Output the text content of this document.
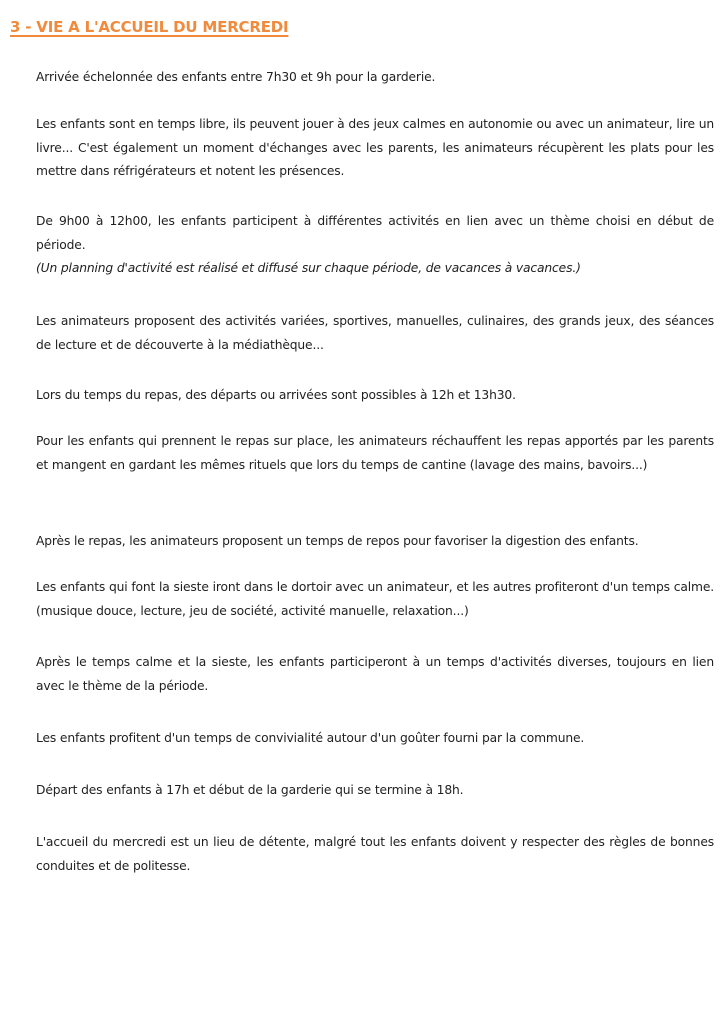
3 - VIE A L'ACCUEIL DU MERCREDI

Arrivée échelonnée des enfants entre 7h30 et 9h pour la garderie.

Les enfants sont en temps libre, ils peuvent jouer à des jeux calmes en autonomie ou avec un animateur, lire un livre... C'est également un moment d'échanges avec les parents, les animateurs récupèrent les plats pour les mettre dans réfrigérateurs et notent les présences.

De 9h00 à 12h00, les enfants participent à différentes activités en lien avec un thème choisi en début de période.
(Un planning d'activité est réalisé et diffusé sur chaque période, de vacances à vacances.)

Les animateurs proposent des activités variées, sportives, manuelles, culinaires, des grands jeux, des séances de lecture et de découverte à la médiathèque...

Lors du temps du repas, des départs ou arrivées sont possibles à 12h et 13h30.

Pour les enfants qui prennent le repas sur place, les animateurs réchauffent les repas apportés par les parents et mangent en gardant les mêmes rituels que lors du temps de cantine (lavage des mains, bavoirs...)

Après le repas, les animateurs proposent un temps de repos pour favoriser la digestion des enfants.

Les enfants qui font la sieste iront dans le dortoir avec un animateur, et les autres profiteront d'un temps calme. (musique douce, lecture, jeu de société, activité manuelle, relaxation...)

Après le temps calme et la sieste, les enfants participeront à un temps d'activités diverses, toujours en lien avec le thème de la période.

Les enfants profitent d'un temps de convivialité autour d'un goûter fourni par la commune.

Départ des enfants à 17h et début de la garderie qui se termine à 18h.

L'accueil du mercredi est un lieu de détente, malgré tout les enfants doivent y respecter des règles de bonnes conduites et de politesse.
